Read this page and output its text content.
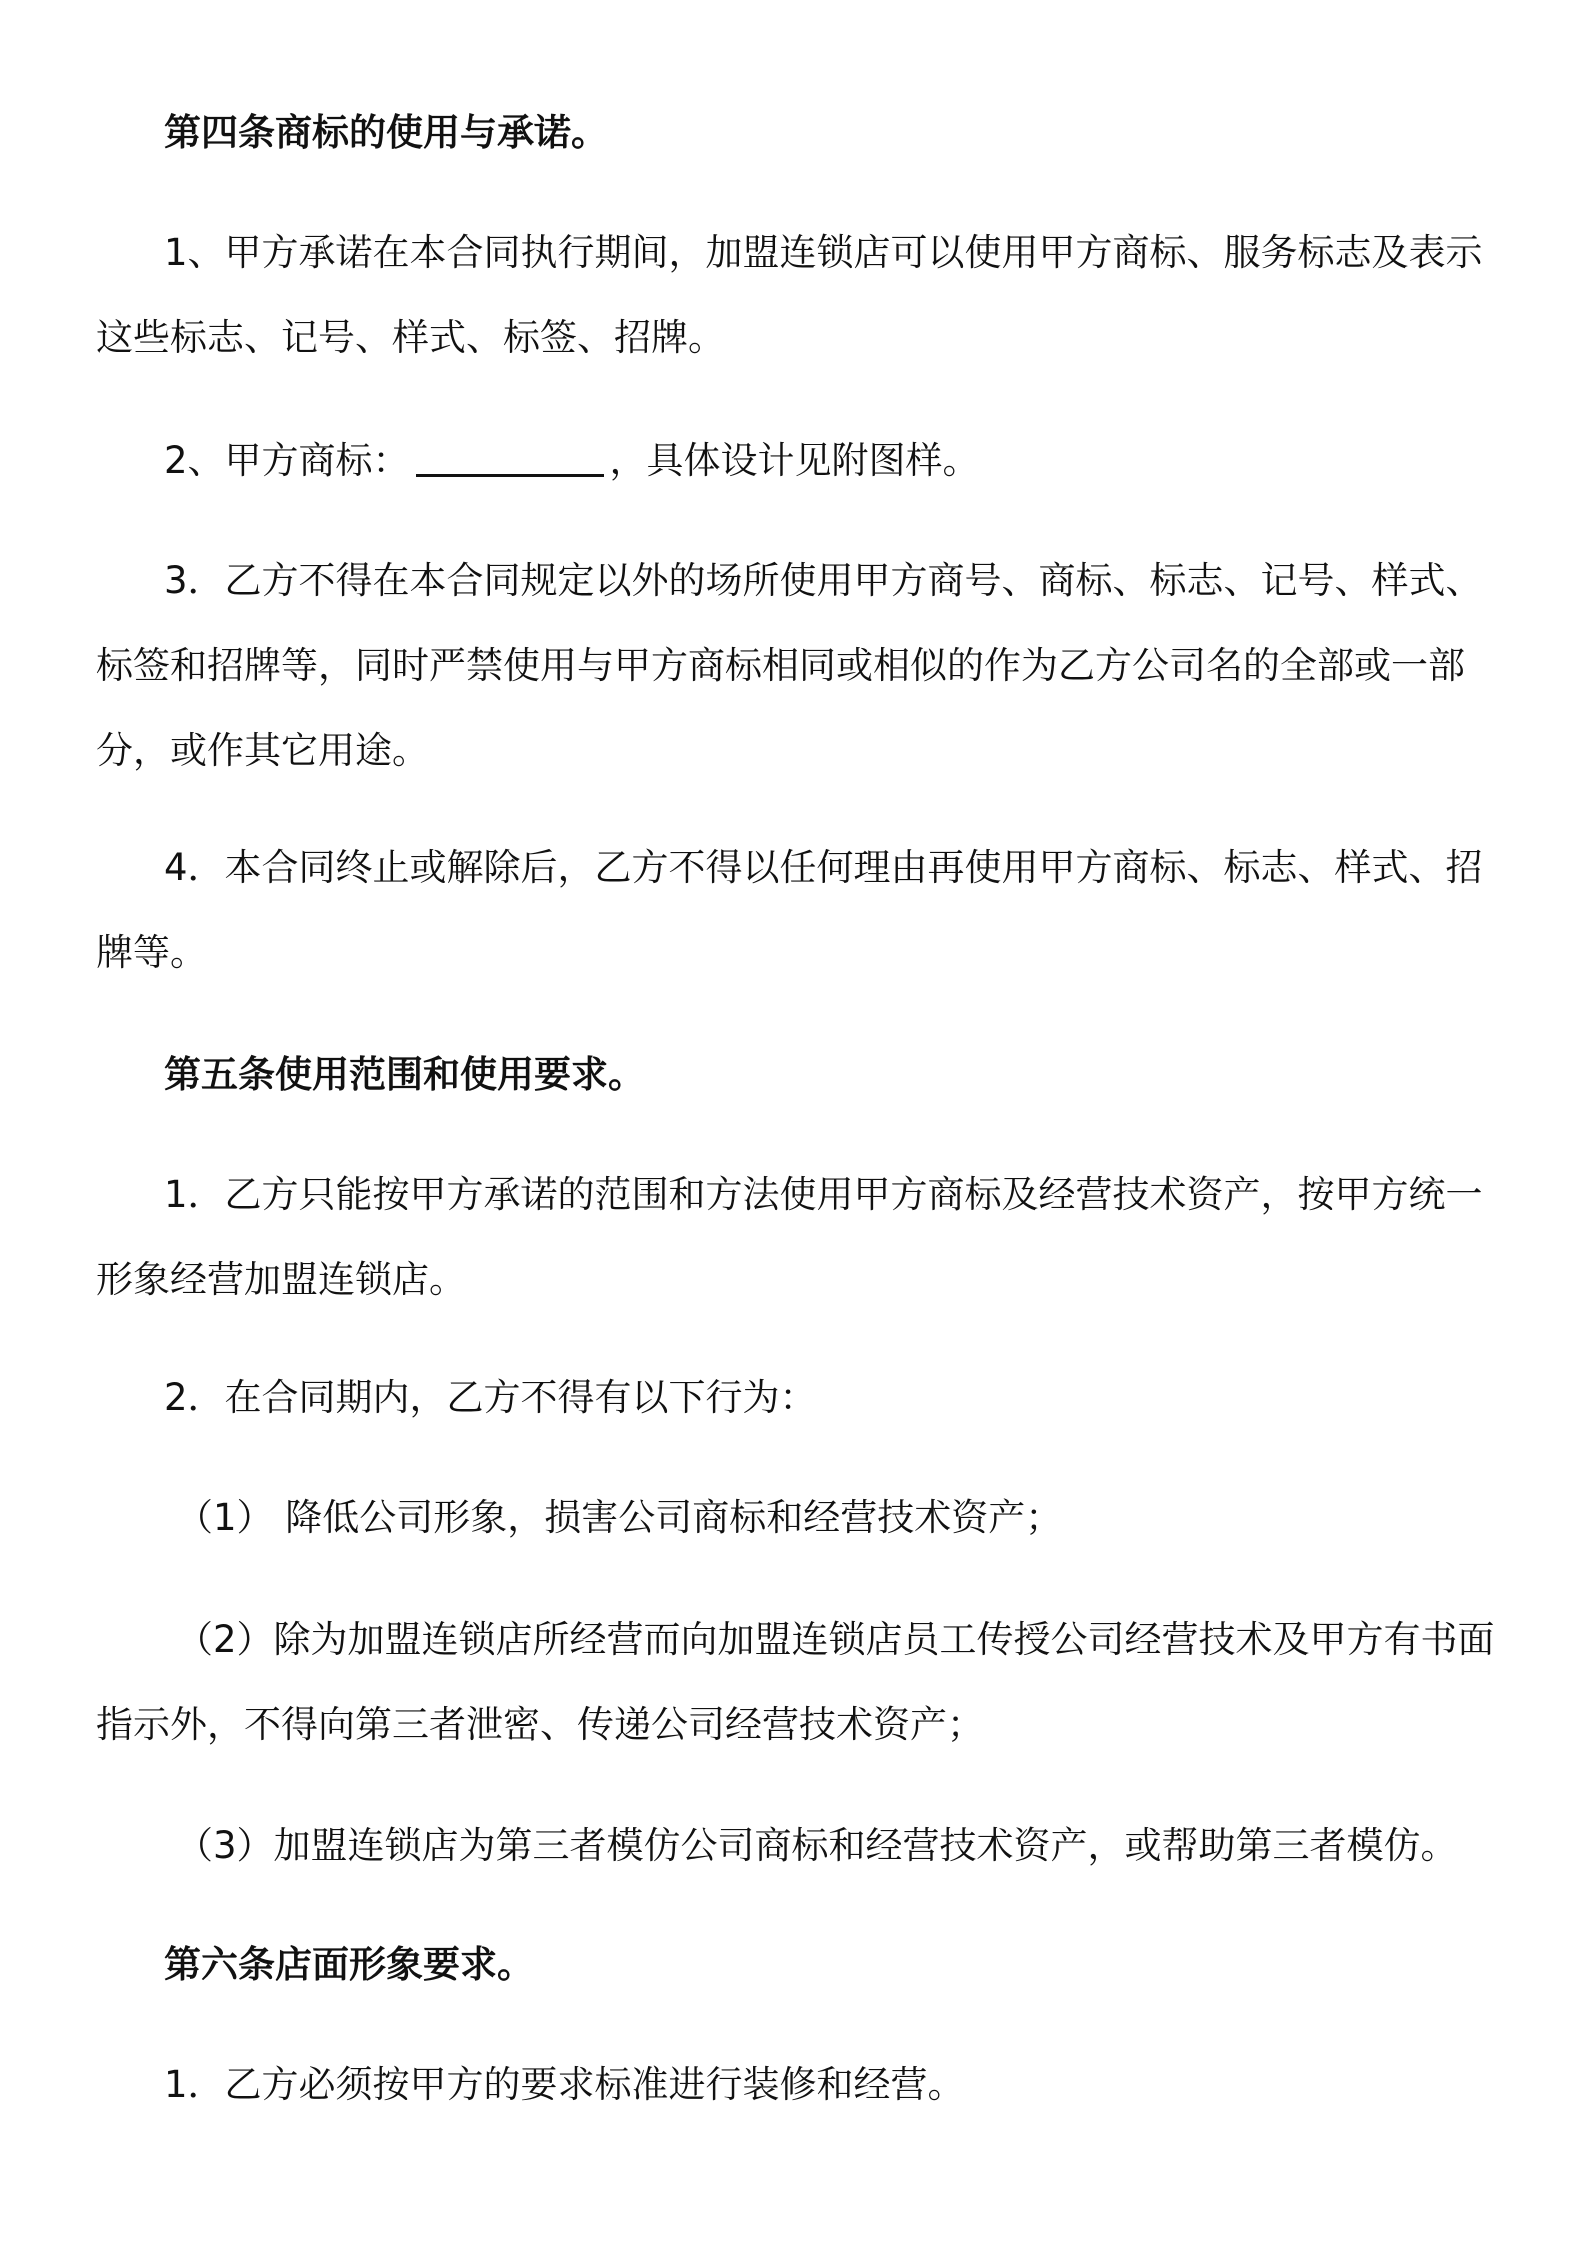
第四条商标的使用与承诺。

1、甲方承诺在本合同执行期间，加盟连锁店可以使用甲方商标、服务标志及表示这些标志、记号、样式、标签、招牌。

2、甲方商标：	，具体设计见附图样。

3．乙方不得在本合同规定以外的场所使用甲方商号、商标、标志、记号、样式、标签和招牌等，同时严禁使用与甲方商标相同或相似的作为乙方公司名的全部或一部分，或作其它用途。

4．本合同终止或解除后，乙方不得以任何理由再使用甲方商标、标志、样式、招牌等。

第五条使用范围和使用要求。

1．乙方只能按甲方承诺的范围和方法使用甲方商标及经营技术资产，按甲方统一形象经营加盟连锁店。

2．在合同期内，乙方不得有以下行为：

（1） 降低公司形象，损害公司商标和经营技术资产；

（2）除为加盟连锁店所经营而向加盟连锁店员工传授公司经营技术及甲方有书面指示外，不得向第三者泄密、传递公司经营技术资产；

（3）加盟连锁店为第三者模仿公司商标和经营技术资产，或帮助第三者模仿。

第六条店面形象要求。

1．乙方必须按甲方的要求标准进行装修和经营。
